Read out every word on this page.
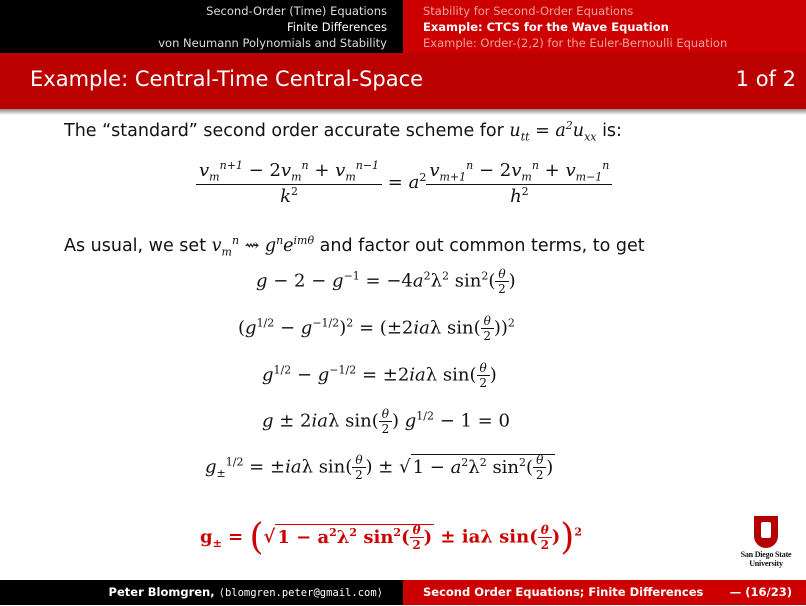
Second-Order (Time) Equations
Finite Differences
von Neumann Polynomials and Stability
Stability for Second-Order Equations
Example: CTCS for the Wave Equation
Example: Order-(2,2) for the Euler-Bernoulli Equation
Example: Central-Time Central-Space	1 of 2
The “standard” second order accurate scheme for $u_{tt} = a^2u_{xx}$ is:
$\frac{v_m^{n+1} - 2v_m^n + v_m^{n-1}}{k^2} = a^2 \frac{v_{m+1}^n - 2v_m^n + v_{m-1}^n}{h^2}$
As usual, we set $v_m^n$ ⇝ $g^ne^{im\theta}$ and factor out common terms, to get
$g - 2 - g^{-1} = -4a^2\lambda^2$ $\sin^2( \frac{\theta}{2}$ )
$(g^{1/2} - g^{-1/2})^2 = (\pm 2ia\lambda$ $\sin( \frac{\theta}{2} ))^2$
$g^{1/2} - g^{-1/2} = \pm 2ia\lambda$ $\sin( \frac{\theta}{2}$ )
g ± 2iaλ $\sin( \frac{\theta}{2}$ ) $g^{1/2} - 1 = 0$
$g_\pm^{1/2} = \pm ia\lambda$ $\sin( \frac{\theta}{2}$ ) ± √ $1 - a^2\lambda^2$ $\sin^2( \frac{\theta}{2}$ )
$g_\pm$ = (√ $1 - a^2\lambda^2$ $\sin^2( \frac{\theta}{2}$ ) ± iaλ $\sin( \frac{\theta}{2} ))^2$
San Diego State
University
Peter Blomgren, ⟨blomgren.peter@gmail.com⟩	Second Order Equations; Finite Differences — (16/23)
